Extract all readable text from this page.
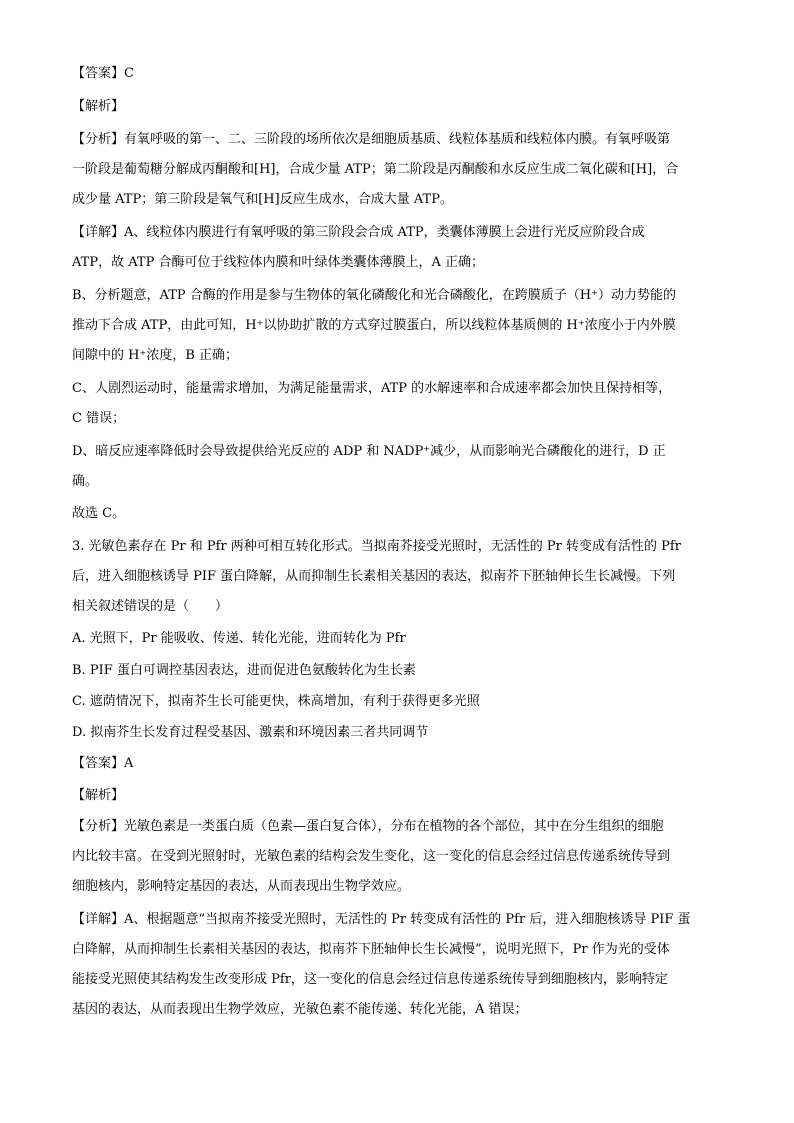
【答案】C
【解析】
【分析】有氧呼吸的第一、二、三阶段的场所依次是细胞质基质、线粒体基质和线粒体内膜。有氧呼吸第
一阶段是葡萄糖分解成丙酮酸和[H]，合成少量 ATP；第二阶段是丙酮酸和水反应生成二氧化碳和[H]，合
成少量 ATP；第三阶段是氧气和[H]反应生成水，合成大量 ATP。
【详解】A、线粒体内膜进行有氧呼吸的第三阶段会合成 ATP，类囊体薄膜上会进行光反应阶段合成
ATP，故 ATP 合酶可位于线粒体内膜和叶绿体类囊体薄膜上，A 正确；
B、分析题意，ATP 合酶的作用是参与生物体的氧化磷酸化和光合磷酸化，在跨膜质子（H⁺）动力势能的
推动下合成 ATP，由此可知，H⁺以协助扩散的方式穿过膜蛋白，所以线粒体基质侧的 H⁺浓度小于内外膜
间隙中的 H⁺浓度，B 正确；
C、人剧烈运动时，能量需求增加，为满足能量需求，ATP 的水解速率和合成速率都会加快且保持相等，
C 错误；
D、暗反应速率降低时会导致提供给光反应的 ADP 和 NADP⁺减少，从而影响光合磷酸化的进行，D 正
确。
故选 C。
3. 光敏色素存在 Pr 和 Pfr 两种可相互转化形式。当拟南芥接受光照时，无活性的 Pr 转变成有活性的 Pfr
后，进入细胞核诱导 PIF 蛋白降解，从而抑制生长素相关基因的表达，拟南芥下胚轴伸长生长减慢。下列
相关叙述错误的是（　　）
A. 光照下，Pr 能吸收、传递、转化光能，进而转化为 Pfr
B. PIF 蛋白可调控基因表达，进而促进色氨酸转化为生长素
C. 遮荫情况下，拟南芥生长可能更快，株高增加，有利于获得更多光照
D. 拟南芥生长发育过程受基因、激素和环境因素三者共同调节
【答案】A
【解析】
【分析】光敏色素是一类蛋白质（色素—蛋白复合体），分布在植物的各个部位，其中在分生组织的细胞
内比较丰富。在受到光照射时，光敏色素的结构会发生变化，这一变化的信息会经过信息传递系统传导到
细胞核内，影响特定基因的表达，从而表现出生物学效应。
【详解】A、根据题意“当拟南芥接受光照时，无活性的 Pr 转变成有活性的 Pfr 后，进入细胞核诱导 PIF 蛋
白降解，从而抑制生长素相关基因的表达，拟南芥下胚轴伸长生长减慢”，说明光照下，Pr 作为光的受体
能接受光照使其结构发生改变形成 Pfr，这一变化的信息会经过信息传递系统传导到细胞核内，影响特定
基因的表达，从而表现出生物学效应，光敏色素不能传递、转化光能，A 错误；
